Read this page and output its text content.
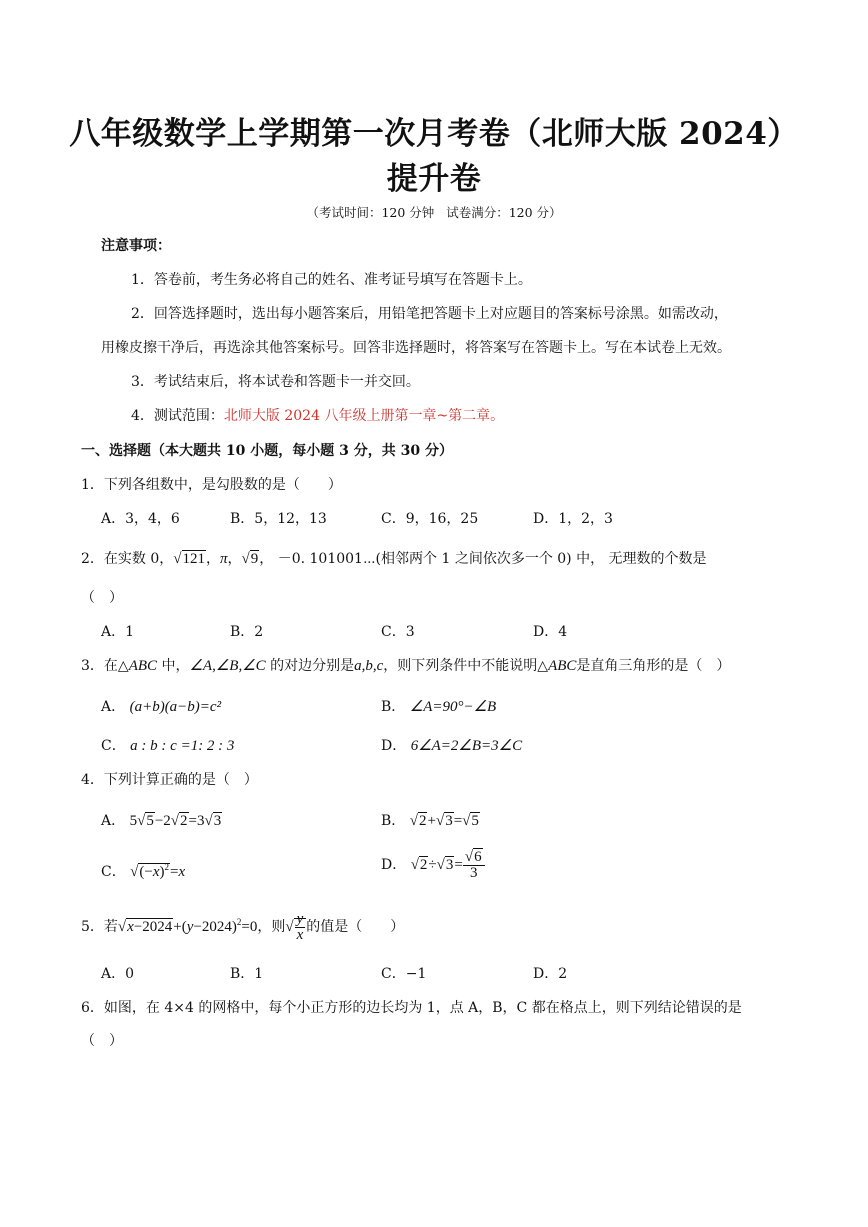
八年级数学上学期第一次月考卷（北师大版 2024）
提升卷
（考试时间：120 分钟   试卷满分：120 分）
注意事项：
1．答卷前，考生务必将自己的姓名、准考证号填写在答题卡上。
2．回答选择题时，选出每小题答案后，用铅笔把答题卡上对应题目的答案标号涂黑。如需改动，
用橡皮擦干净后，再选涂其他答案标号。回答非选择题时，将答案写在答题卡上。写在本试卷上无效。
3．考试结束后，将本试卷和答题卡一并交回。
4．测试范围：北师大版 2024 八年级上册第一章~第二章。
一、选择题（本大题共 10 小题，每小题 3 分，共 30 分）
1．下列各组数中，是勾股数的是（　　）
A．3，4，6	B．5，12，13	C．9，16，25	D．1，2，3
2．在实数 0，√121，π，√9， －0. 101001⋯(相邻两个 1 之间依次多一个 0) 中， 无理数的个数是
（　）
A．1	B．2	C．3	D．4
3．在△ABC 中，∠A,∠B,∠C 的对边分别是a,b,c，则下列条件中不能说明△ABC是直角三角形的是（　）
A． (a+b)(a−b)=c²	B． ∠A=90°−∠B
C． a : b : c =1: 2 : 3	D． 6∠A=2∠B=3∠C
4．下列计算正确的是（　）
A． 5√5−2√2=3√3	B． √2+√3=√5
C． $√(-x)^2=x$	D． $√2\div√3= \frac{√6}{3}$
5．若$√x-2024+(y-2024)^2=0$，则√ $\frac{y}{x}$ 的值是（　　）
A．0	B．1	C．−1	D．2
6．如图，在 4×4 的网格中，每个小正方形的边长均为 1，点 A，B，C 都在格点上，则下列结论错误的是
（　）
